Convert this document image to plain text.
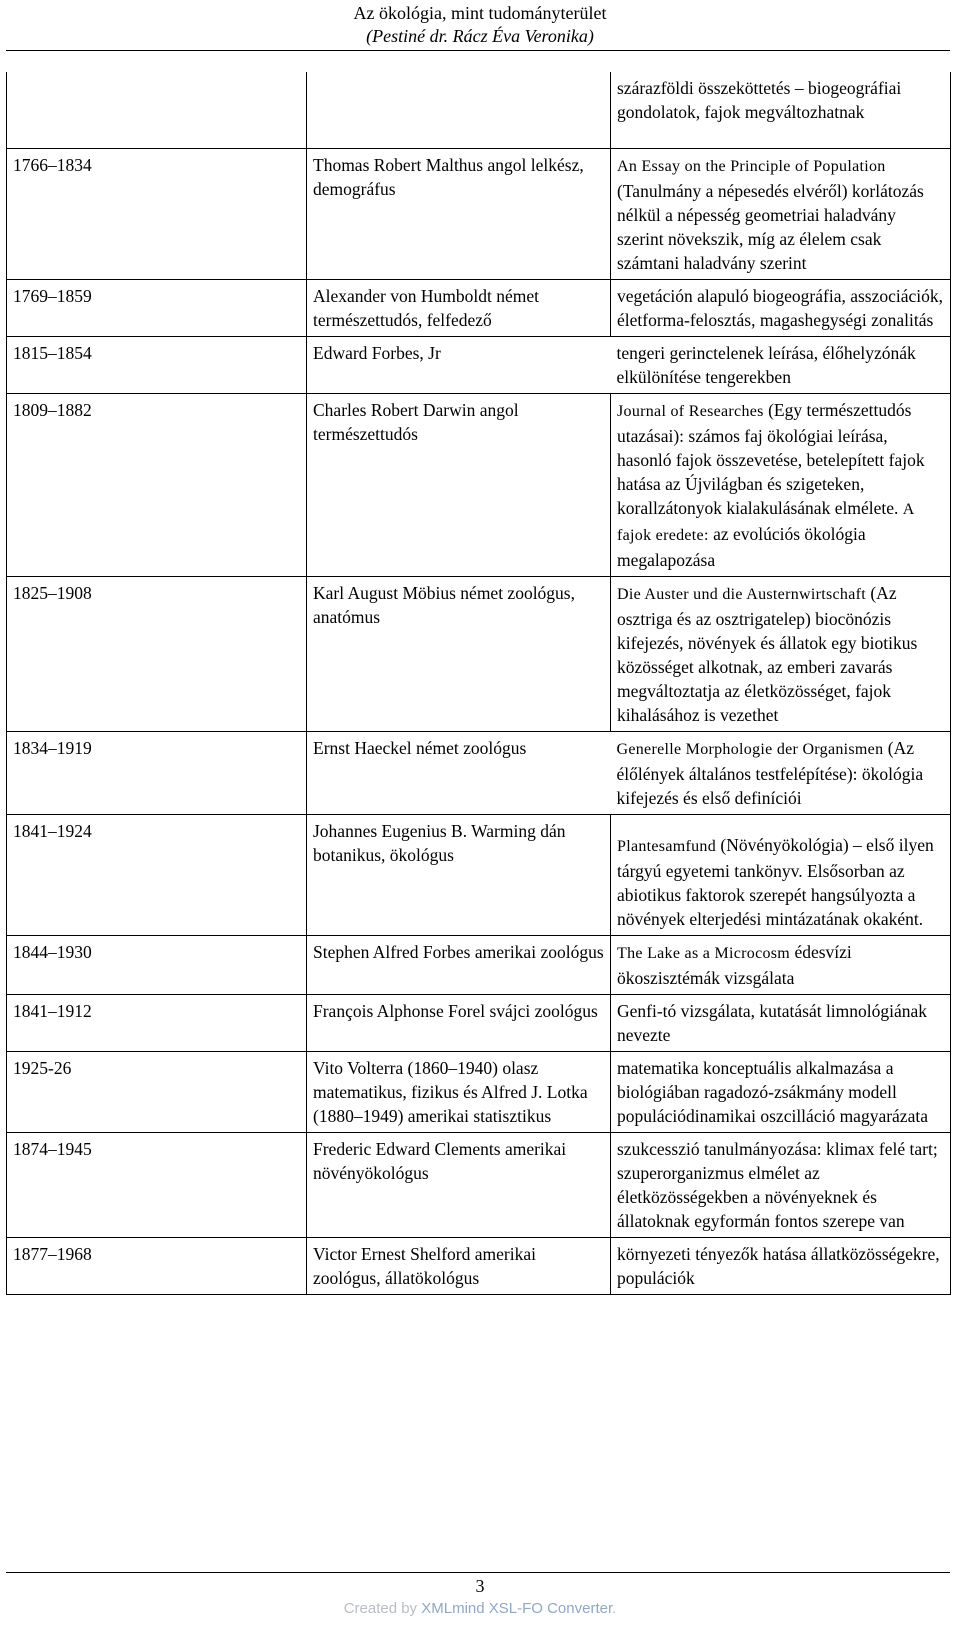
Az ökológia, mint tudományterület
(Pestiné dr. Rácz Éva Veronika)
		szárazföldi összeköttetés – biogeográfiai gondolatok, fajok megváltozhatnak
1766–1834	Thomas Robert Malthus angol lelkész, demográfus	An Essay on the Principle of Population (Tanulmány a népesedés elvéről) korlátozás nélkül a népesség geometriai haladvány szerint növekszik, míg az élelem csak számtani haladvány szerint
1769–1859	Alexander von Humboldt német természettudós, felfedező	vegetáción alapuló biogeográfia, asszociációk, életforma-felosztás, magashegységi zonalitás
1815–1854	Edward Forbes, Jr	tengeri gerinctelenek leírása, élőhelyzónák elkülönítése tengerekben
1809–1882	Charles Robert Darwin angol természettudós	Journal of Researches (Egy természettudós utazásai): számos faj ökológiai leírása, hasonló fajok összevetése, betelepített fajok hatása az Újvilágban és szigeteken, korallzátonyok kialakulásának elmélete. A fajok eredete: az evolúciós ökológia megalapozása
1825–1908	Karl August Möbius német zoológus, anatómus	Die Auster und die Austernwirtschaft (Az osztriga és az osztrigatelep) biocönózis kifejezés, növények és állatok egy biotikus közösséget alkotnak, az emberi zavarás megváltoztatja az életközösséget, fajok kihalásához is vezethet
1834–1919	Ernst Haeckel német zoológus	Generelle Morphologie der Organismen (Az élőlények általános testfelépítése): ökológia kifejezés és első definíciói
1841–1924	Johannes Eugenius B. Warming dán botanikus, ökológus	Plantesamfund (Növényökológia) – első ilyen tárgyú egyetemi tankönyv. Elsősorban az abiotikus faktorok szerepét hangsúlyozta a növények elterjedési mintázatának okaként.
1844–1930	Stephen Alfred Forbes amerikai zoológus	The Lake as a Microcosm édesvízi ökoszisztémák vizsgálata
1841–1912	François Alphonse Forel svájci zoológus	Genfi-tó vizsgálata, kutatását limnológiának nevezte
1925-26	Vito Volterra (1860–1940) olasz matematikus, fizikus és Alfred J. Lotka (1880–1949) amerikai statisztikus	matematika konceptuális alkalmazása a biológiában ragadozó-zsákmány modell populációdinamikai oszcilláció magyarázata
1874–1945	Frederic Edward Clements amerikai növényökológus	szukcesszió tanulmányozása: klimax felé tart; szuperorganizmus elmélet az életközösségekben a növényeknek és állatoknak egyformán fontos szerepe van
1877–1968	Victor Ernest Shelford amerikai zoológus, állatökológus	környezeti tényezők hatása állatközösségekre, populációk
3
Created by XMLmind XSL-FO Converter.
